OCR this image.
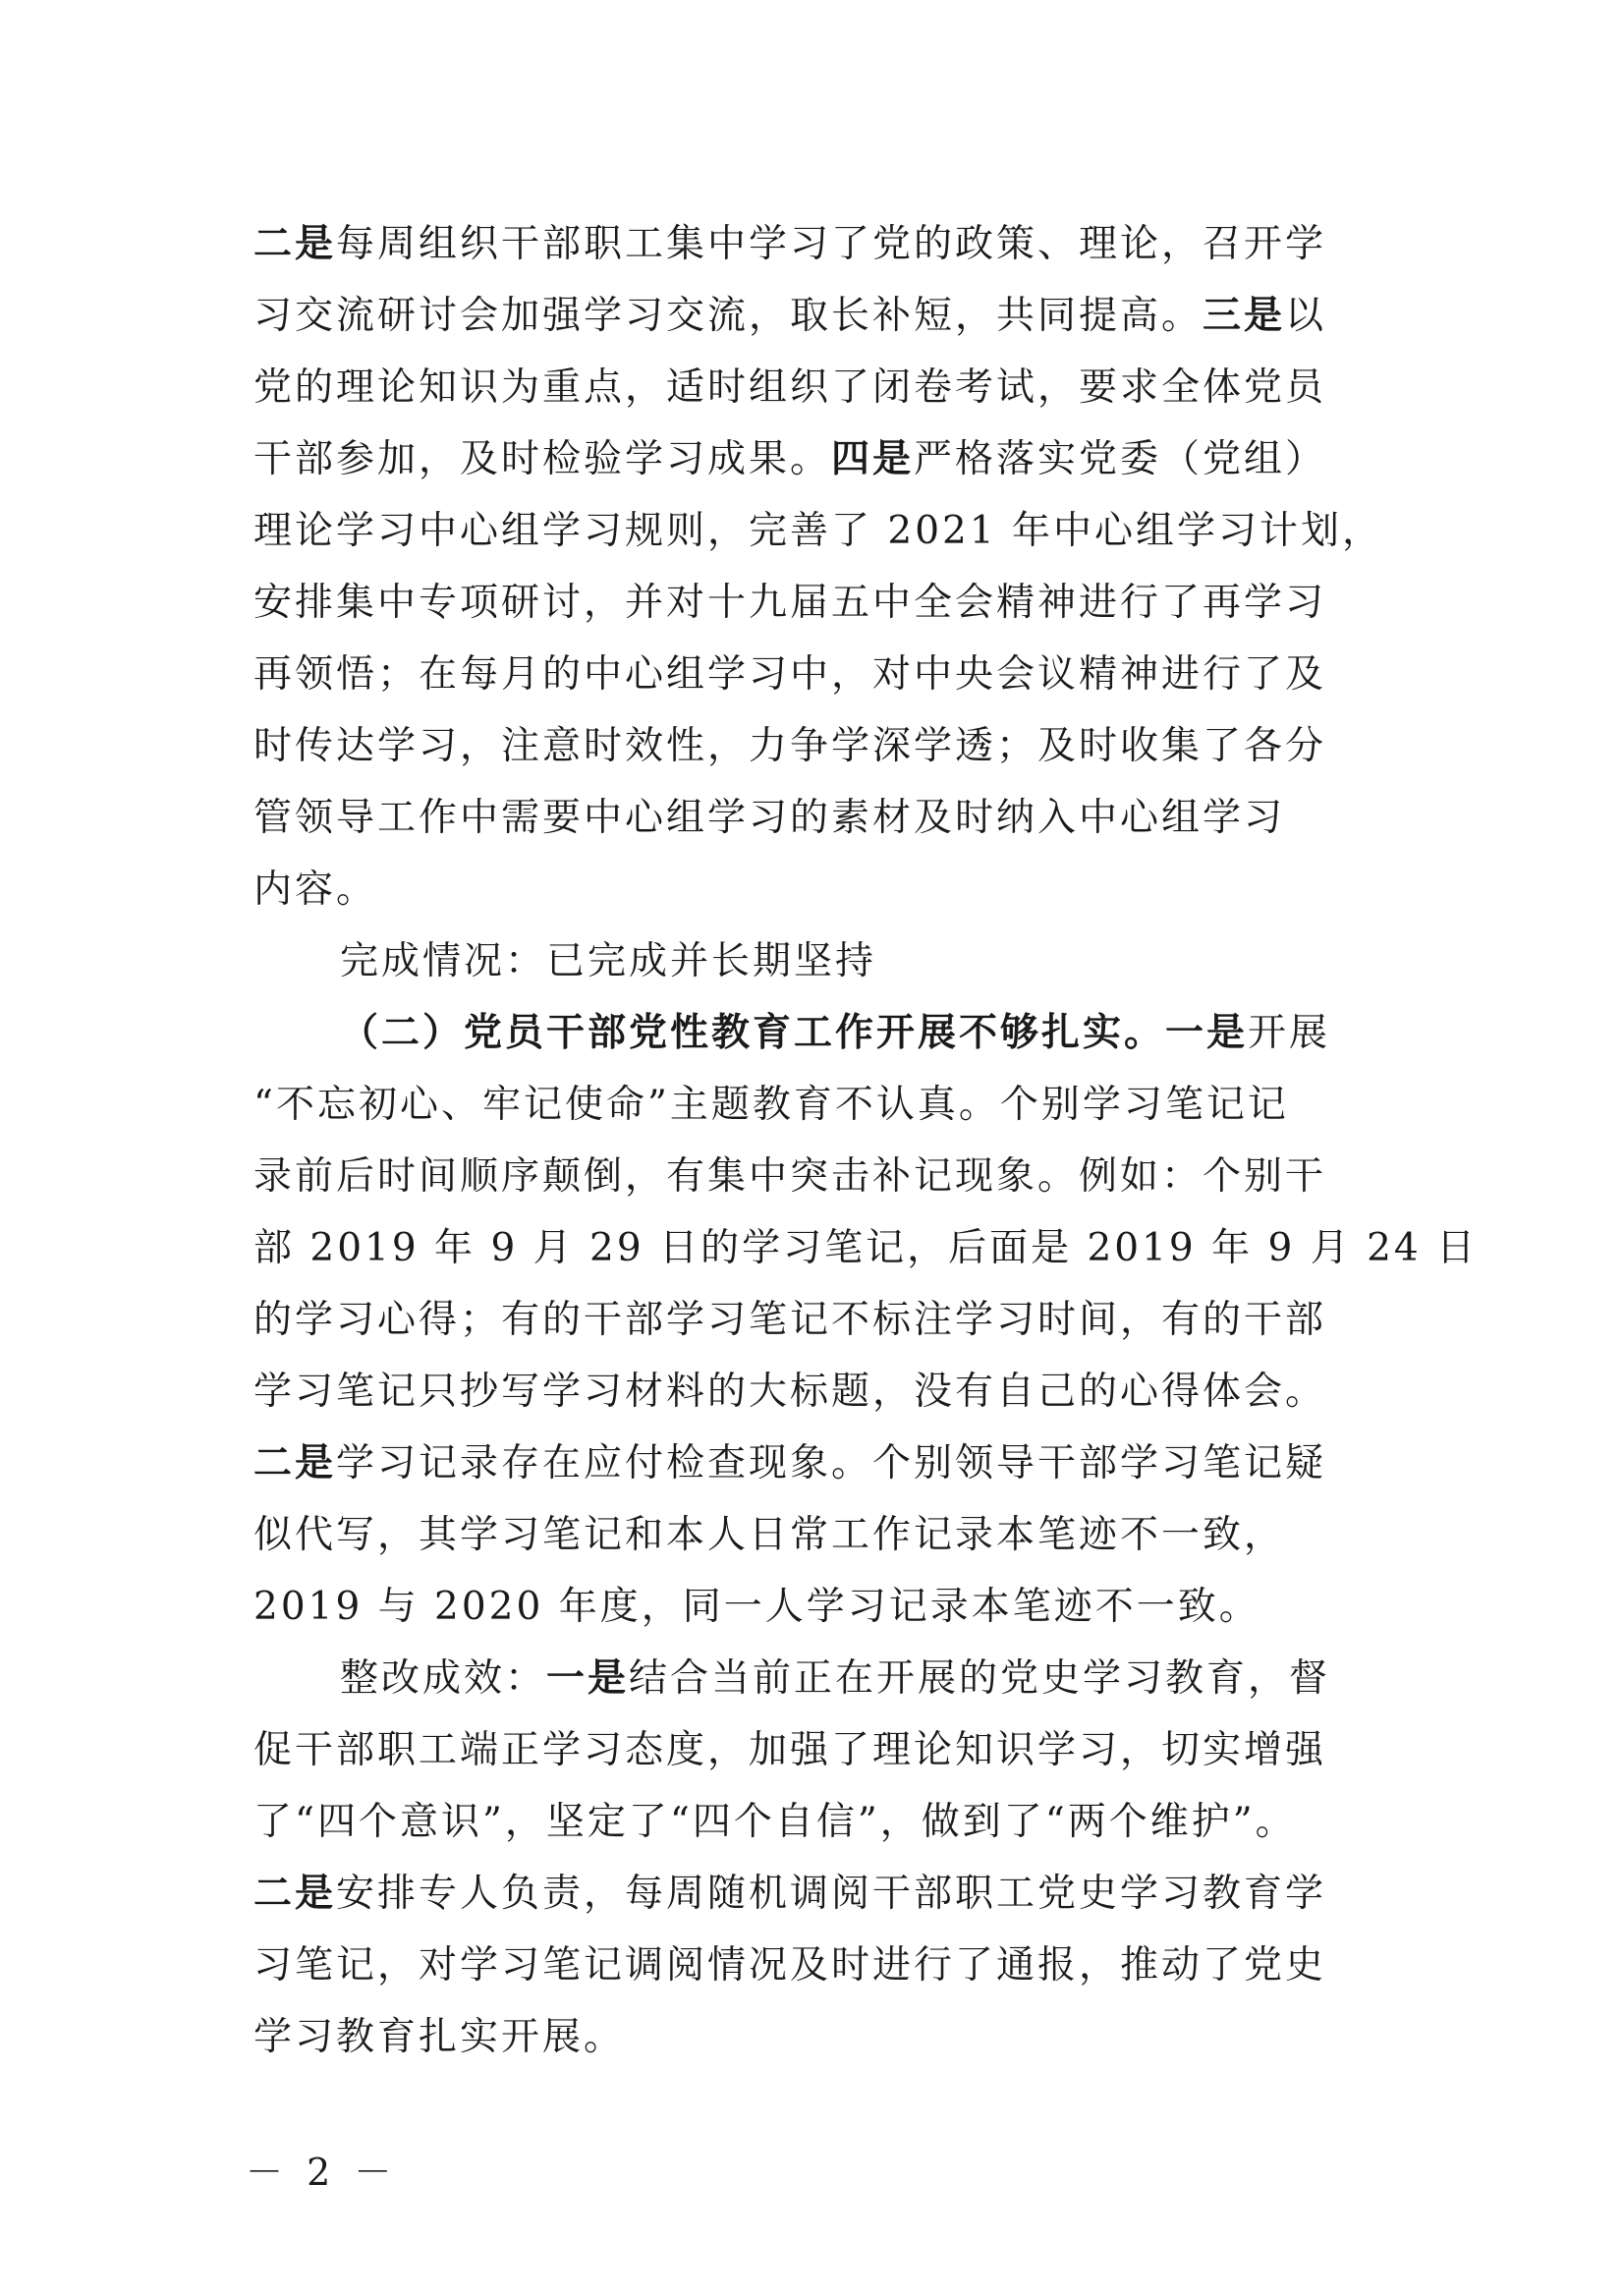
二是每周组织干部职工集中学习了党的政策、理论，召开学
习交流研讨会加强学习交流，取长补短，共同提高。三是以
党的理论知识为重点，适时组织了闭卷考试，要求全体党员
干部参加，及时检验学习成果。四是严格落实党委（党组）
理论学习中心组学习规则，完善了 2021 年中心组学习计划，
安排集中专项研讨，并对十九届五中全会精神进行了再学习
再领悟；在每月的中心组学习中，对中央会议精神进行了及
时传达学习，注意时效性，力争学深学透；及时收集了各分
管领导工作中需要中心组学习的素材及时纳入中心组学习
内容。
完成情况：已完成并长期坚持
（二）党员干部党性教育工作开展不够扎实。一是开展
“不忘初心、牢记使命”主题教育不认真。个别学习笔记记
录前后时间顺序颠倒，有集中突击补记现象。例如：个别干
部 2019 年 9 月 29 日的学习笔记，后面是 2019 年 9 月 24 日
的学习心得；有的干部学习笔记不标注学习时间，有的干部
学习笔记只抄写学习材料的大标题，没有自己的心得体会。
二是学习记录存在应付检查现象。个别领导干部学习笔记疑
似代写，其学习笔记和本人日常工作记录本笔迹不一致，
2019 与 2020 年度，同一人学习记录本笔迹不一致。
整改成效：一是结合当前正在开展的党史学习教育，督
促干部职工端正学习态度，加强了理论知识学习，切实增强
了“四个意识”，坚定了“四个自信”，做到了“两个维护”。
二是安排专人负责，每周随机调阅干部职工党史学习教育学
习笔记，对学习笔记调阅情况及时进行了通报，推动了党史
学习教育扎实开展。
－ 2 －
